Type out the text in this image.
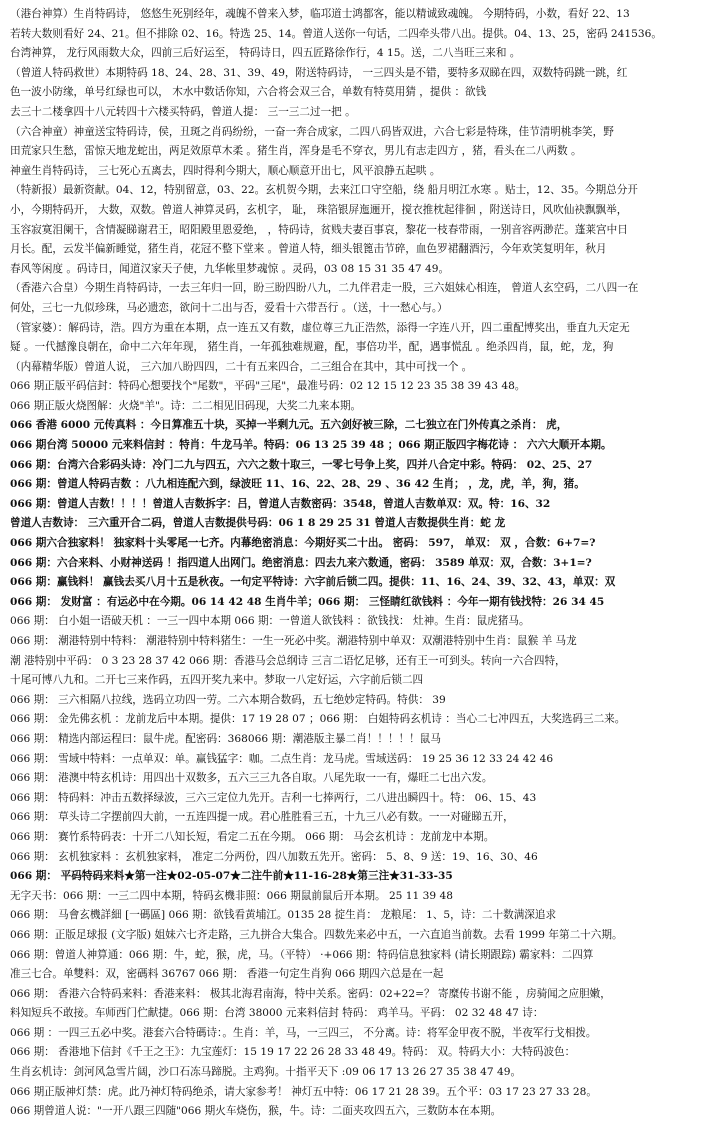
（港台神算）生肖特码诗， 悠悠生死别经年，魂魄不曾来入梦，临邛道士鸿都客，能以精诚致魂魄。 今期特码，小数，看好 22、13
若转大数则看好 24、21。但不排除 02、16。特选 25、14。曾道人送你一句话，二四牵头带八出。提供。04、13、25，密码 241536。
台湾神算， 龙行风雨数大众，四前三后好运至， 特码诗日，四五匠路徐作行，4 15。送，二八当旺三来和 。
（曾道人特码救世）本期特码 18、24、28、31、39、49，附送特码诗， 一三四头是不错，要特多双睇在四，双数特码跳一跳，红
色一波小防缘，单号红绿也可以， 木水中数话你知，六合将会双三合，单数有特莫用猜 ，提供 ：欲钱
去三十二楼拿四十八元转四十六楼买特码，曾道人提： 三一三二过一把 。
（六合神童）神童送宝特码诗，侯，丑斑之肖码纷纷，一奋一奔合成家，二四八码皆双进，六合七彩是特珠，佳节清明桃李笑，野
田荒家只生愁，雷惊天地龙蛇出，两足效原草木柔 。猪生肖，浑身是毛不穿衣，男儿有志走四方 ，猪，看头在二八两数 。
神童生肖特码诗， 三七死心五离去，四时得利今期大，顺心顺意开出七，风平浪静五起哄 。
（特新报）最新资献。04、12，特别留意，03、22。玄机贺今期，去来江口守空船，绕 船月明江水寒 。贴士，12、35。今期总分开
小，今期特码开， 大数，双数。曾道人神算灵码，玄机字， 耻， 珠箔银屏迤逦开，搅衣推枕起徘徊 ，附送诗日，风吹仙袂飘飘举，
玉容寂寞泪阑干，含情凝睇谢君王，昭阳殿里恩爱绝， ，特码诗，贫贱夫妻百事哀，黎花一枝春带雨，一别音容两渺茫。蓬莱宫中日
月长。配，云发半偏新睡觉，猪生肖，花冠不整下堂来 。曾道人特，细头银篦击节碎，血色罗裙翻酒污，今年欢笑复明年，秋月
春风等闲度 。码诗日，闻道汉家天子使，九华帐里梦魂惊 。灵码，03 08 15 31 35 47 49。
（香港六合皇）今期生肖特码诗，一去三年归一回，盼三盼四盼八九，二九伴君走一股，三六姐妹心相连， 曾道人玄空码，二八四一在
何处，三七一九似珍珠，马必遗恋，欲问十二出与否，爱看十六带吾行 。（送，十一愁心与。）
（管家婆）：解码诗，浩。四方为重在本期，点一连五又有数，虚位尊三九正浩然，添得一字连八开，四二重配博奖出，垂直九天定无
疑 。一代撼豫良朝在，命中二六年年现， 猪生肖，一年孤独难规避，配，事倍功半，配，遇事慌乱 。绝杀四肖，鼠，蛇，龙，狗
（内幕精华版）曾道人说， 三六加八盼四四，二十有五来四合，二三组合在其中，其中可找一个 。
066 期正版平码信封：特码心想要找个"尾数"，平码"三尾"，最准号码：02 12 15 12 23 35 38 39 43 48。
066 期正版火烧图解：火烧"羊"。诗：二二相见旧码现，大奖二九来本期。
066 香港 6000 元传真料 ：今日算准五十块，买掉一半剩九元。五六剑好被三除，二七独立在门外传真之杀肖： 虎，
066 期台湾 50000 元来料信封 ：特肖：牛龙马羊。特码：06 13 25 39 48 ；066 期正版四字梅花诗 ： 六六大顺开本期。
066 期：台湾六合彩码头诗：冷门二九与四五，六六之数十取三，一零七号争上奖，四并八合定中彩。特码： 02、25、27
066 期：曾道人特码吉数 ：八九相连配六到，绿波旺 11、16、22、28、29 、36 42 生肖； ，龙，虎，羊，狗，猪。
066 期：曾道人吉数！！！！曾道人吉数拆字：吕，曾道人吉数密码：3548，曾道人吉数单双：双。特：16、32
曾道人吉数诗： 三六重开合二码，曾道人吉数提供号码：06 1 8 29 25 31 曾道人吉数提供生肖：蛇 龙
066 期六合独家料！ 独家料十头零尾一七齐。内幕绝密消息：今期好买二十出。 密码： 597， 单双： 双 ，合数：6+7=?
066 期：六合来料、小财神送码 ！指四道人出网门。绝密消息：四去九来六数通，密码： 3589 单双：双，合数：3+1=?
066 期：赢钱料！ 赢钱去买八月十五是秋夜。一句定平特诗：六字前后锁二四。提供：11、16、24、39、32、43，单双：双
066 期： 发财富 ：有运必中在今期。06 14 42 48 生肖牛羊；066 期： 三怪睛红欲钱料 ：今年一期有钱找特：26 34 45
066 期： 白小姐一语破天机 ：一三一四中本期 066 期：一曾道人欲钱料 ：欲钱找： 灶神。生肖：鼠虎猪马。
066 期： 潮港特别中特料： 潮港特别中特料猪生：一生一死必中奖。潮港特别中单双：双潮港特别中生肖：鼠猴 羊 马龙
潮 港特别中平码： 0 3 23 28 37 42 066 期：香港马会总纲诗 三言二语忆足够，还有王一可到头。转向一六合四特，
十尾可博八九和。二开七三来作码，五四开奖九来中。梦取一八定好运，六字前后锁二四
066 期： 三六相隔八拉线，选码立功四一劳。二六本期合数码，五七绝妙定特码。特供： 39
066 期： 金先佛玄机 ：龙前龙后中本期。提供：17 19 28 07 ；066 期： 白姐特码玄机诗 ：当心二七冲四五，大奖选码三二来。
066 期： 精选内部运程曰：鼠牛虎。配密码：368066 期：潮港版主暴二肖！！！！！鼠马
066 期： 雪域中特料：一点单双：单。赢钱猛字：咖。二点生肖：龙马虎。雪域送码： 19 25 36 12 33 24 42 46
066 期： 港澳中特玄机诗：用四出十双数多，五六三三九各自取。八尾先取一一有，爆旺二七出六发。
066 期： 特码料：冲击五数择绿波，三六三定位九先开。吉利一七捧两行，二八进出瞬四十。特： 06、15、43
066 期： 草头诗二字摆前四大前，一五连四提一成。君心胜胜看三五，十九三八必有数。一一对碰睇五开，
066 期： 赛竹系特码表：十开二八知长短，看定二五在今期。 066 期： 马会玄机诗 ：龙前龙中本期。
066 期： 玄机独家料 ：玄机独家料， 准定二分两份，四八加数五先开。密码： 5、8、9 送：19、16、30、46
066 期： 平码特码来料★第一注★02-05-07★二注牛前★11-16-28★第三注★31-33-35
无字天书：066 期：一三二四中本期，特码玄機非照：066 期鼠前鼠后开本期。 25 11 39 48
066 期： 马會玄機詳細 [一碼區] 066 期：欲钱看黄埔江。0135 28 掟生肖： 龙粮尾： 1、5，诗：二十数满深追求
066 期：正版足球报 (文字版) 姐妹六七齐走路，三九拼合大集合。四数先来必中五，一六直追当前数。去看 1999 年第二十六期。
066 期：曾道人神算通：066 期：牛，蛇，猴，虎，马。（平特） ·+066 期：特码信息独家料 (请长期跟踪) 霸家料：二四算
准三七合。单雙料：双，密碼料 36767 066 期： 香港一句定生肖狗 066 期四六总是在一起
066 期： 香港六合特码来料：香港来料： 极其北海君南海，特中关系。密码：02+22=？ 寄糜传书谢不能 ，房骑闻之应胆嫩，
料知短兵不敢接。车师西门伫献捷。066 期：台湾 38000 元来料信封 特码： 鸡羊马。平码： 02 32 48 47 诗：
066 期 ：一四三五必中奖。港套六合特碼诗：。生肖：羊，马，一三四三， 不分离。诗：将军金甲夜不脱，半夜军行戈相拨。
066 期： 香港地下信封《千王之王》：九宝莲灯：15 19 17 22 26 28 33 48 49。特码： 双。特码大小：大特码波色：
生肖玄机诗：剑河风急雪片阔，沙口石冻马蹄脱。主鸡狗。十指平天下 :09 06 17 13 26 27 35 38 47 49。
066 期正版神灯禁：虎。此乃神灯特码绝杀，请大家参考！ 神灯五中特：06 17 21 28 39。五个平：03 17 23 27 33 28。
066 期曾道人说："一开八跟三四随"066 期火车烧伤，猴，牛。诗：二面夹攻四五六，三数防本在本期。
